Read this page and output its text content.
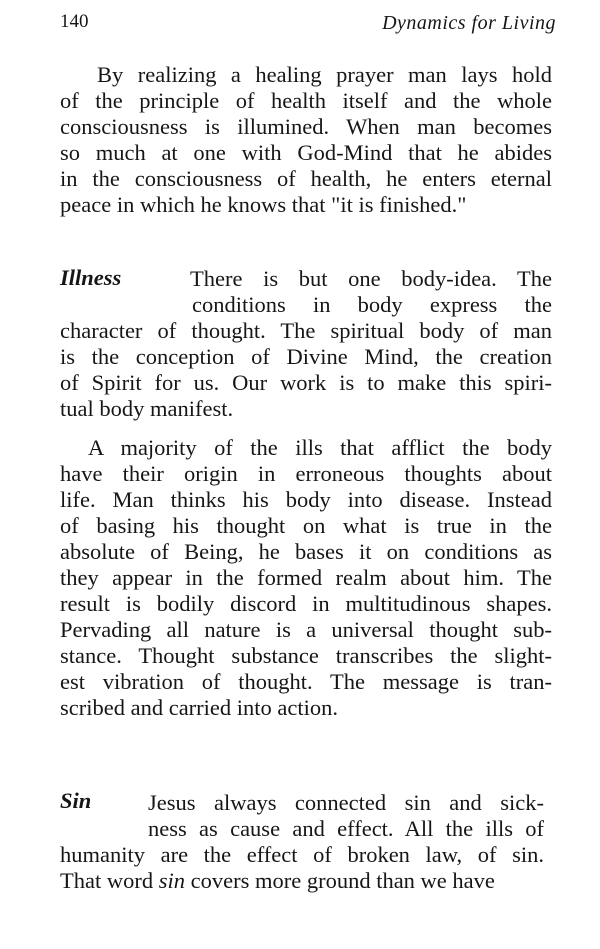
140	Dynamics for Living
By realizing a healing prayer man lays hold
of the principle of health itself and the whole
consciousness is illumined. When man becomes
so much at one with God-Mind that he abides
in the consciousness of health, he enters eternal
peace in which he knows that "it is finished."
Illness	There is but one body-idea. The
conditions in body express the
character of thought. The spiritual body of man
is the conception of Divine Mind, the creation
of Spirit for us. Our work is to make this spiri-
tual body manifest.
A majority of the ills that afflict the body
have their origin in erroneous thoughts about
life. Man thinks his body into disease. Instead
of basing his thought on what is true in the
absolute of Being, he bases it on conditions as
they appear in the formed realm about him. The
result is bodily discord in multitudinous shapes.
Pervading all nature is a universal thought sub-
stance. Thought substance transcribes the slight-
est vibration of thought. The message is tran-
scribed and carried into action.
Sin	Jesus always connected sin and sick-
ness as cause and effect. All the ills of
humanity are the effect of broken law, of sin.
That word sin covers more ground than we have
